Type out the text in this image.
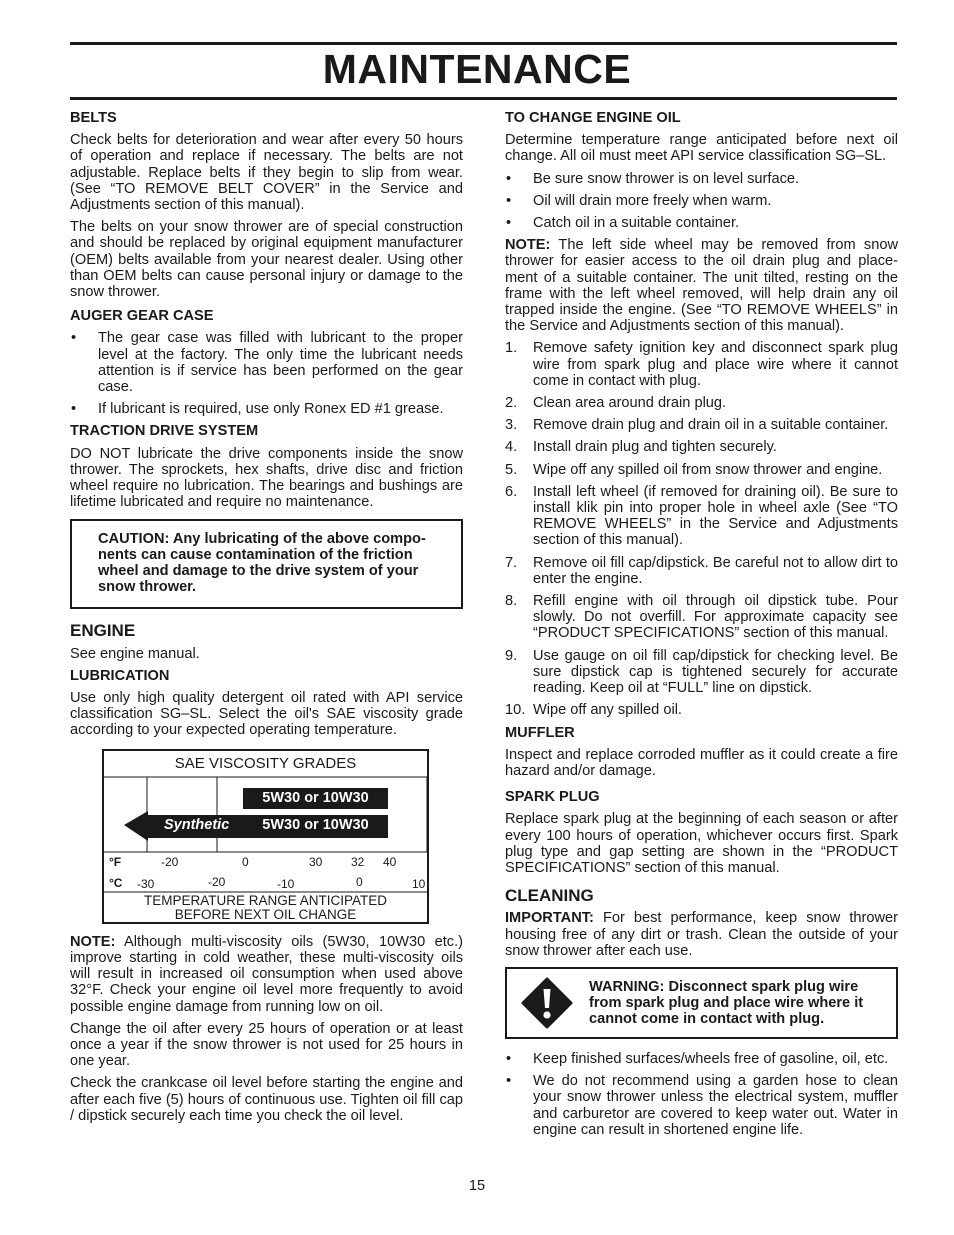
MAINTENANCE
BELTS

Check belts for deterioration and wear after every 50 hours of operation and replace if necessary. The belts are not adjustable. Replace belts if they begin to slip from wear. (See “TO REMOVE BELT COVER” in the Service and Adjustments section of this manual).

The belts on your snow thrower are of special construction and should be replaced by original equipment manufacturer (OEM) belts available from your nearest dealer. Using other than OEM belts can cause personal injury or damage to the snow thrower.

AUGER GEAR CASE
• The gear case was filled with lubricant to the proper level at the factory. The only time the lubricant needs attention is if service has been performed on the gear case.
• If lubricant is required, use only Ronex ED #1 grease.
TRACTION DRIVE SYSTEM

DO NOT lubricate the drive components inside the snow thrower. The sprockets, hex shafts, drive disc and friction wheel require no lubrication. The bearings and bushings are lifetime lubricated and require no maintenance.

CAUTION: Any lubricating of the above compo-nents can cause contamination of the friction wheel and damage to the drive system of your snow thrower.
ENGINE

See engine manual.

LUBRICATION

Use only high quality detergent oil rated with API service classification SG–SL. Select the oil's SAE viscosity grade according to your expected operating temperature.

SAE VISCOSITY GRADES
5W30 or 10W30
Synthetic	5W30 or 10W30
°F
°C
-20	0	30 32 40
-30	-20	-10	0	10
TEMPERATURE RANGE ANTICIPATED
BEFORE NEXT OIL CHANGE

NOTE: Although multi-viscosity oils (5W30, 10W30 etc.) improve starting in cold weather, these multi-viscosity oils will result in increased oil consumption when used above 32°F. Check your engine oil level more frequently to avoid possible engine damage from running low on oil.

Change the oil after every 25 hours of operation or at least once a year if the snow thrower is not used for 25 hours in one year.

Check the crankcase oil level before starting the engine and after each five (5) hours of continuous use. Tighten oil fill cap / dipstick securely each time you check the oil level.

TO CHANGE ENGINE OIL

Determine temperature range anticipated before next oil change. All oil must meet API service classification SG–SL.

• Be sure snow thrower is on level surface.
• Oil will drain more freely when warm.
• Catch oil in a suitable container.

NOTE: The left side wheel may be removed from snow thrower for easier access to the oil drain plug and place-ment of a suitable container. The unit tilted, resting on the frame with the left wheel removed, will help drain any oil trapped inside the engine. (See “TO REMOVE WHEELS” in the Service and Adjustments section of this manual).

1. Remove safety ignition key and disconnect spark plug wire from spark plug and place wire where it cannot come in contact with plug.
2. Clean area around drain plug.
3. Remove drain plug and drain oil in a suitable container.
4. Install drain plug and tighten securely.
5. Wipe off any spilled oil from snow thrower and engine.
6. Install left wheel (if removed for draining oil). Be sure to install klik pin into proper hole in wheel axle (See “TO REMOVE WHEELS” in the Service and Adjustments section of this manual).
7. Remove oil fill cap/dipstick. Be careful not to allow dirt to enter the engine.
8. Refill engine with oil through oil dipstick tube. Pour slowly. Do not overfill. For approximate capacity see “PRODUCT SPECIFICATIONS” section of this manual.
9. Use gauge on oil fill cap/dipstick for checking level. Be sure dipstick cap is tightened securely for accurate reading. Keep oil at “FULL” line on dipstick.
10. Wipe off any spilled oil.
MUFFLER

Inspect and replace corroded muffler as it could create a fire hazard and/or damage.

SPARK PLUG

Replace spark plug at the beginning of each season or after every 100 hours of operation, whichever occurs first. Spark plug type and gap setting are shown in the “PRODUCT SPECIFICATIONS” section of this manual.

CLEANING

IMPORTANT: For best performance, keep snow thrower housing free of any dirt or trash. Clean the outside of your snow thrower after each use.

WARNING: Disconnect spark plug wire from spark plug and place wire where it cannot come in contact with plug.
• Keep finished surfaces/wheels free of gasoline, oil, etc.
• We do not recommend using a garden hose to clean your snow thrower unless the electrical system, muffler and carburetor are covered to keep water out. Water in engine can result in shortened engine life.
15
